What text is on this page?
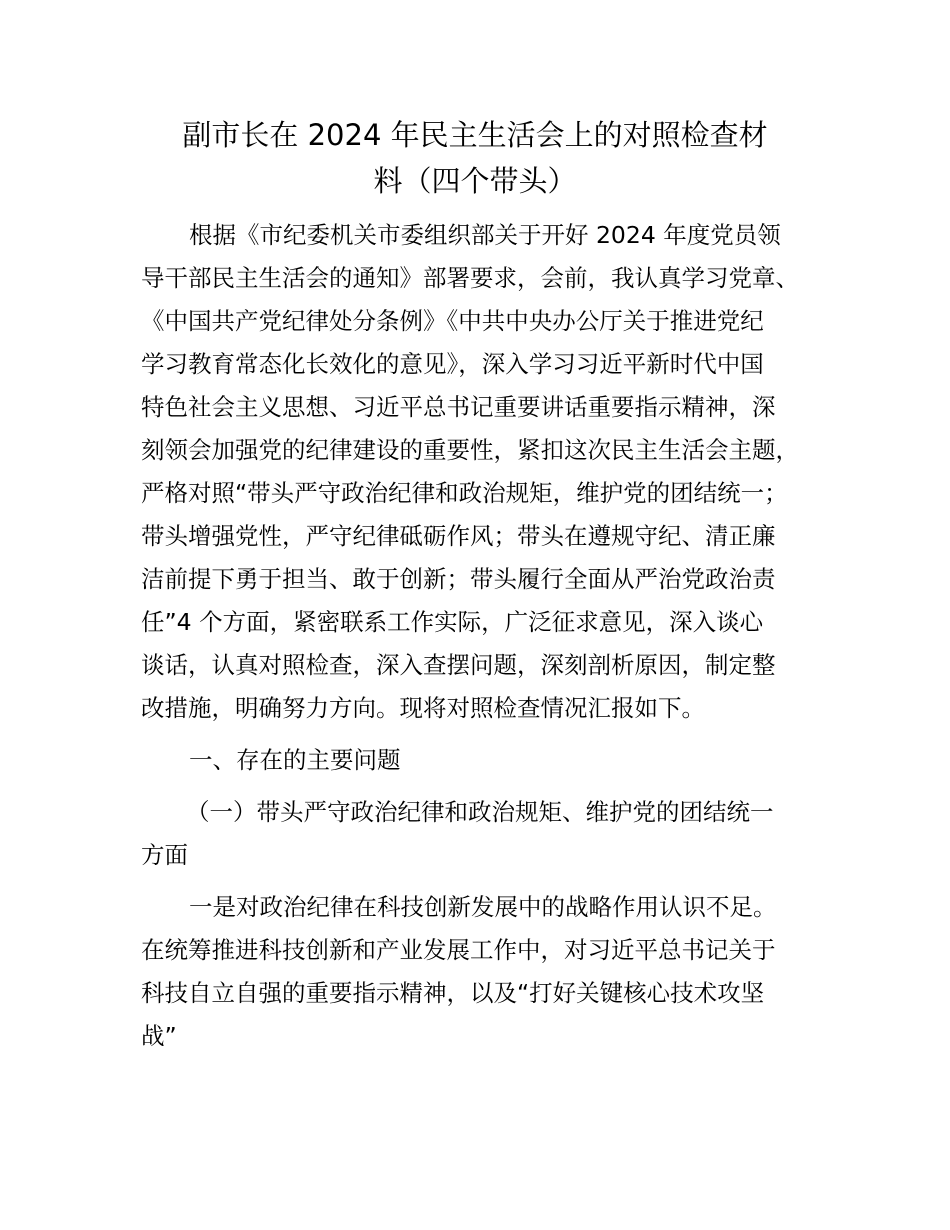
副市长在 2024 年民主生活会上的对照检查材
料（四个带头）
根据《市纪委机关市委组织部关于开好 2024 年度党员领
导干部民主生活会的通知》部署要求，会前，我认真学习党章、
《中国共产党纪律处分条例》《中共中央办公厅关于推进党纪
学习教育常态化长效化的意见》，深入学习习近平新时代中国
特色社会主义思想、习近平总书记重要讲话重要指示精神，深
刻领会加强党的纪律建设的重要性，紧扣这次民主生活会主题，
严格对照“带头严守政治纪律和政治规矩，维护党的团结统一；
带头增强党性，严守纪律砥砺作风；带头在遵规守纪、清正廉
洁前提下勇于担当、敢于创新；带头履行全面从严治党政治责
任”4 个方面，紧密联系工作实际，广泛征求意见，深入谈心
谈话，认真对照检查，深入查摆问题，深刻剖析原因，制定整
改措施，明确努力方向。现将对照检查情况汇报如下。
一、存在的主要问题
（一）带头严守政治纪律和政治规矩、维护党的团结统一
方面
一是对政治纪律在科技创新发展中的战略作用认识不足。
在统筹推进科技创新和产业发展工作中，对习近平总书记关于
科技自立自强的重要指示精神，以及“打好关键核心技术攻坚
战”
